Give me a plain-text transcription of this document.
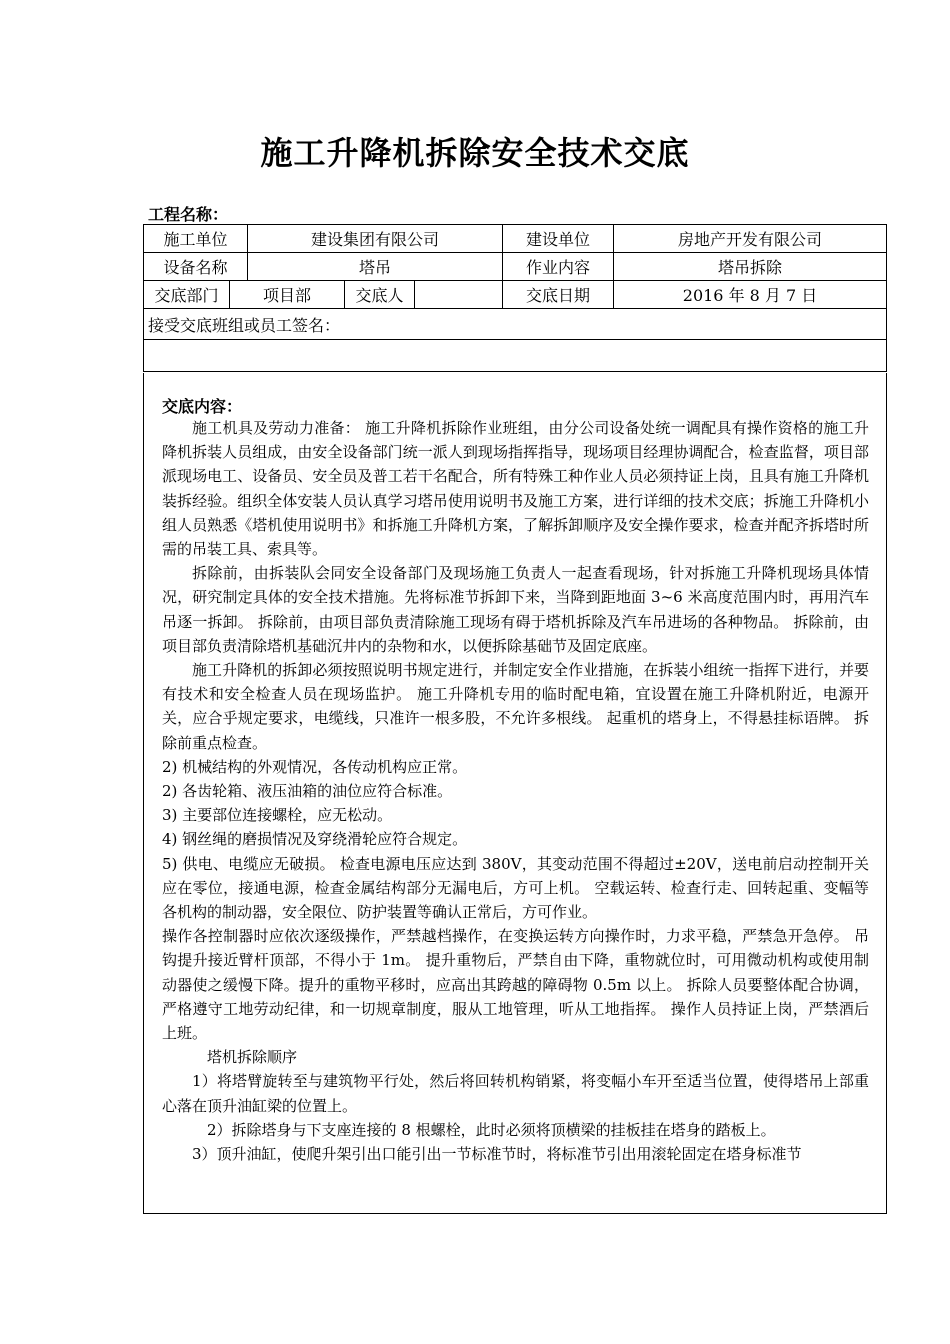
施工升降机拆除安全技术交底
工程名称：
施工单位		建设集团有限公司			建设单位	房地产开发有限公司
设备名称		塔吊			作业内容	塔吊拆除
交底部门	项目部		交底人		交底日期	2016 年 8 月 7 日
接受交底班组或员工签名：						

交底内容：

施工机具及劳动力准备： 施工升降机拆除作业班组，由分公司设备处统一调配具有操作资格的施工升降机拆装人员组成，由安全设备部门统一派人到现场指挥指导，现场项目经理协调配合，检查监督，项目部派现场电工、设备员、安全员及普工若干名配合，所有特殊工种作业人员必须持证上岗，且具有施工升降机装拆经验。组织全体安装人员认真学习塔吊使用说明书及施工方案，进行详细的技术交底；拆施工升降机小组人员熟悉《塔机使用说明书》和拆施工升降机方案，了解拆卸顺序及安全操作要求，检查并配齐拆塔时所需的吊装工具、索具等。

拆除前，由拆装队会同安全设备部门及现场施工负责人一起查看现场，针对拆施工升降机现场具体情况，研究制定具体的安全技术措施。先将标准节拆卸下来，当降到距地面 3~6 米高度范围内时，再用汽车吊逐一拆卸。 拆除前，由项目部负责清除施工现场有碍于塔机拆除及汽车吊进场的各种物品。 拆除前，由项目部负责清除塔机基础沉井内的杂物和水，以便拆除基础节及固定底座。

施工升降机的拆卸必须按照说明书规定进行，并制定安全作业措施，在拆装小组统一指挥下进行，并要有技术和安全检查人员在现场监护。 施工升降机专用的临时配电箱，宜设置在施工升降机附近，电源开关，应合乎规定要求，电缆线，只准许一根多股，不允许多根线。 起重机的塔身上，不得悬挂标语牌。 拆除前重点检查。

2) 机械结构的外观情况，各传动机构应正常。

2) 各齿轮箱、液压油箱的油位应符合标准。

3) 主要部位连接螺栓，应无松动。

4) 钢丝绳的磨损情况及穿绕滑轮应符合规定。

5) 供电、电缆应无破损。 检查电源电压应达到 380V，其变动范围不得超过±20V，送电前启动控制开关应在零位，接通电源，检查金属结构部分无漏电后，方可上机。 空载运转、检查行走、回转起重、变幅等各机构的制动器，安全限位、防护装置等确认正常后，方可作业。

操作各控制器时应依次逐级操作，严禁越档操作，在变换运转方向操作时，力求平稳，严禁急开急停。 吊钩提升接近臂杆顶部，不得小于 1m。 提升重物后，严禁自由下降，重物就位时，可用微动机构或使用制动器使之缓慢下降。提升的重物平移时，应高出其跨越的障碍物 0.5m 以上。 拆除人员要整体配合协调，严格遵守工地劳动纪律，和一切规章制度，服从工地管理，听从工地指挥。 操作人员持证上岗，严禁酒后上班。

塔机拆除顺序

1）将塔臂旋转至与建筑物平行处，然后将回转机构销紧，将变幅小车开至适当位置，使得塔吊上部重心落在顶升油缸梁的位置上。

2）拆除塔身与下支座连接的 8 根螺栓，此时必须将顶横梁的挂板挂在塔身的踏板上。

3）顶升油缸，使爬升架引出口能引出一节标准节时，将标准节引出用滚轮固定在塔身标准节
